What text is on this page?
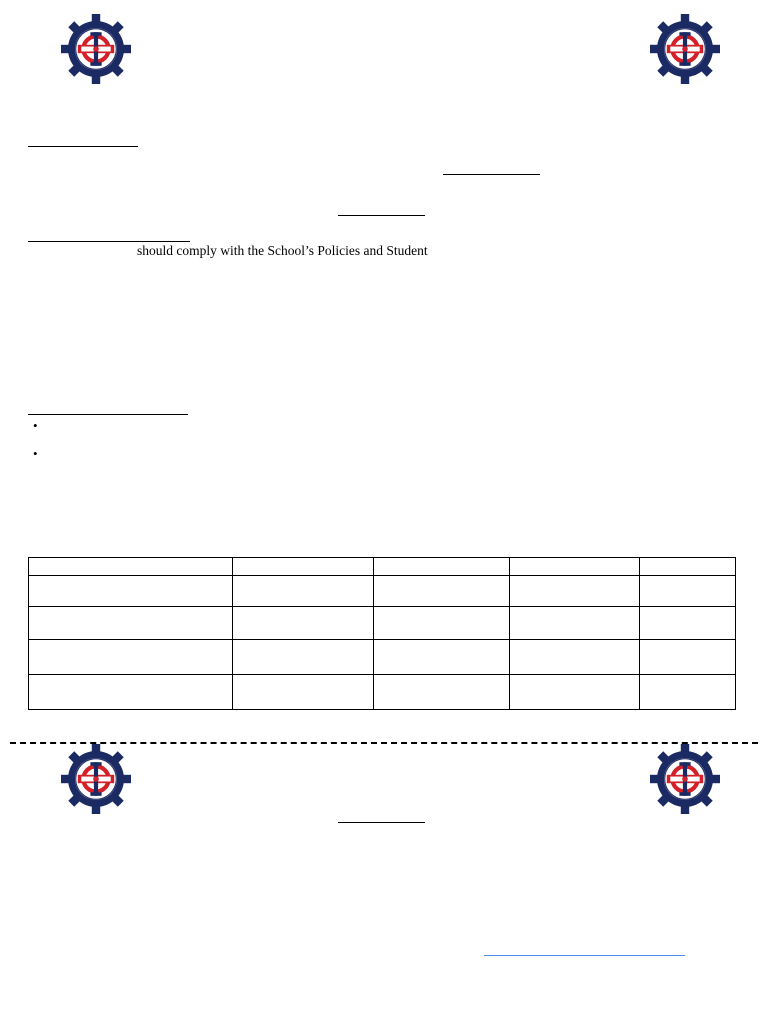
should comply with the School’s Policies and Student
•
•
